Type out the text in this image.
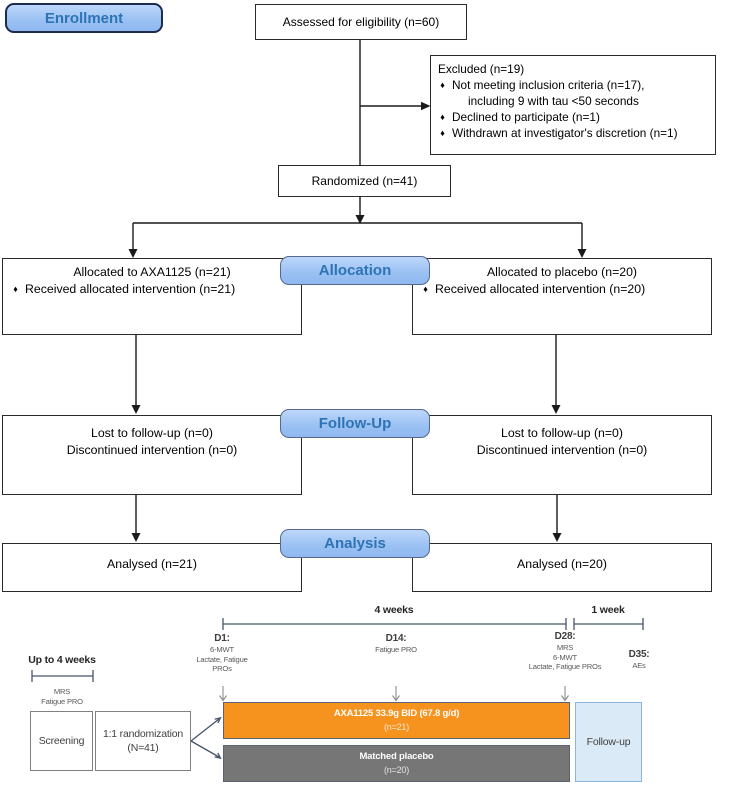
Enrollment	Assessed for eligibility (n=60)
Excluded (n=19)
♦ Not meeting inclusion criteria (n=17),
including 9 with tau <50 seconds
♦ Declined to participate (n=1)
♦ Withdrawn at investigator's discretion (n=1)
Randomized (n=41)
Allocation
Allocated to AXA1125 (n=21)
♦ Received allocated intervention (n=21)
Allocated to placebo (n=20)
♦ Received allocated intervention (n=20)
Follow-Up
Lost to follow-up (n=0)
Discontinued intervention (n=0)
Lost to follow-up (n=0)
Discontinued intervention (n=0)
Analysis
Analysed (n=21)	Analysed (n=20)
4 weeks	1 week
Up to 4 weeks
MRS
Fatigue PRO
D1:
6-MWT
Lactate, Fatigue
PROs
D14:
Fatigue PRO
D28:
MRS
6-MWT
Lactate, Fatigue PROs
D35:
AEs
Screening
1:1 randomization
(N=41)
AXA1125 33.9g BID (67.8 g/d)
(n=21)
Matched placebo
(n=20)
Follow-up
